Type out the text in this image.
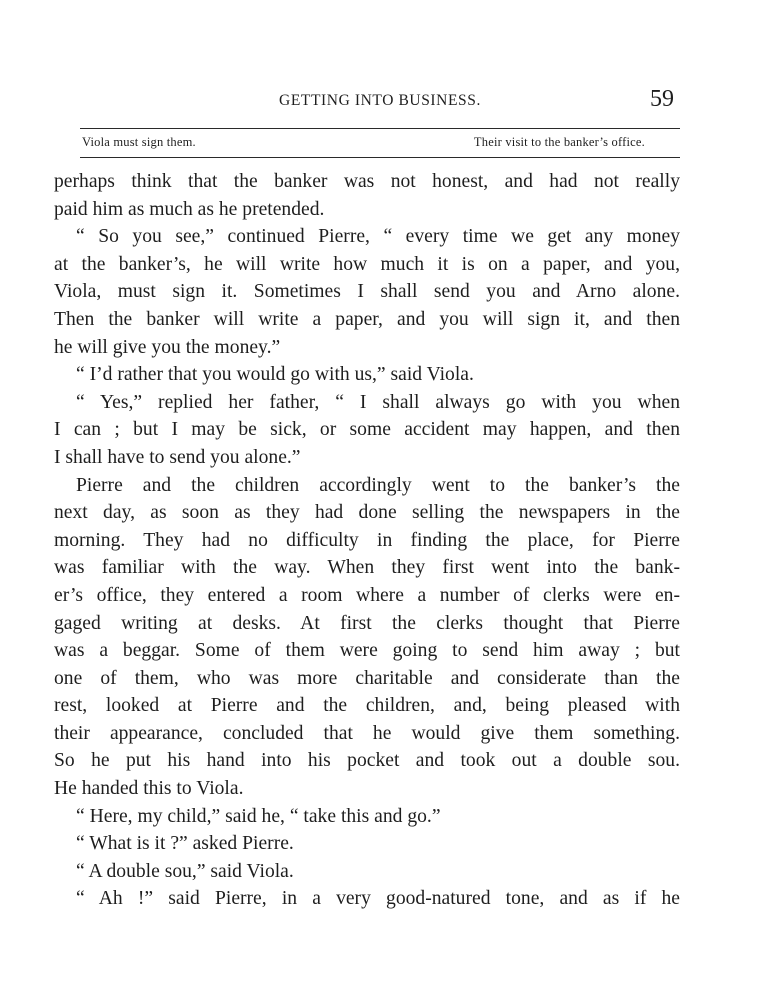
GETTING INTO BUSINESS.	59
Viola must sign them.	Their visit to the banker’s office.
perhaps think that the banker was not honest, and had not really
paid him as much as he pretended.
“ So you see,” continued Pierre, “ every time we get any money
at the banker’s, he will write how much it is on a paper, and you,
Viola, must sign it. Sometimes I shall send you and Arno alone.
Then the banker will write a paper, and you will sign it, and then
he will give you the money.”
“ I’d rather that you would go with us,” said Viola.
“ Yes,” replied her father, “ I shall always go with you when
I can ; but I may be sick, or some accident may happen, and then
I shall have to send you alone.”
Pierre and the children accordingly went to the banker’s the
next day, as soon as they had done selling the newspapers in the
morning. They had no difficulty in finding the place, for Pierre
was familiar with the way. When they first went into the bank-
er’s office, they entered a room where a number of clerks were en-
gaged writing at desks. At first the clerks thought that Pierre
was a beggar. Some of them were going to send him away ; but
one of them, who was more charitable and considerate than the
rest, looked at Pierre and the children, and, being pleased with
their appearance, concluded that he would give them something.
So he put his hand into his pocket and took out a double sou.
He handed this to Viola.
“ Here, my child,” said he, “ take this and go.”
“ What is it ?” asked Pierre.
“ A double sou,” said Viola.
“ Ah !” said Pierre, in a very good-natured tone, and as if he
